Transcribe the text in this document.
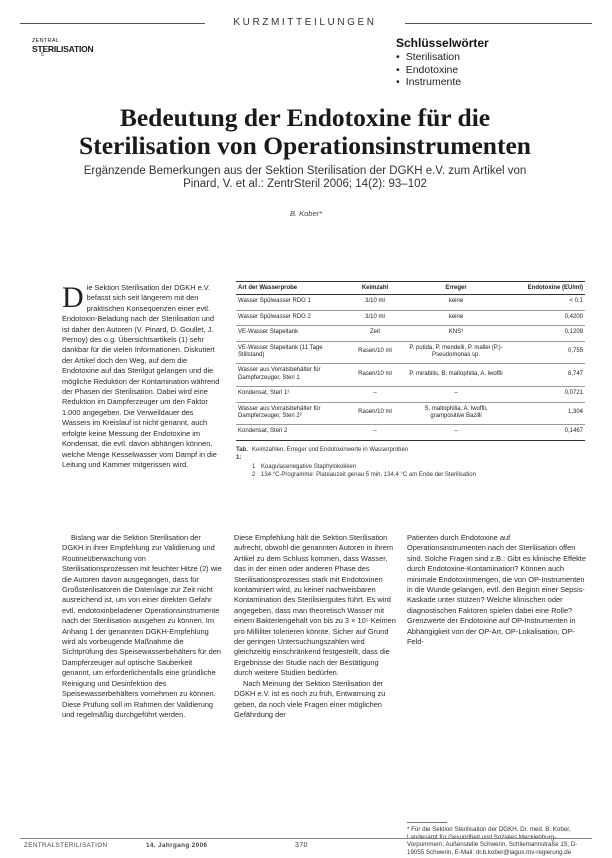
KURZMITTEILUNGEN
ZENTRAL
STERILISATION
5
Schlüsselwörter
• Sterilisation
• Endotoxine
• Instrumente
Bedeutung der Endotoxine für die
Sterilisation von Operationsinstrumenten
Ergänzende Bemerkungen aus der Sektion Sterilisation der DGKH e.V. zum Artikel von Pinard, V. et al.: ZentrSteril 2006; 14(2): 93–102
B. Kober*
D ie Sektion Sterilisation der DGKH e.V. befasst sich seit längerem mit den praktischen Konsequenzen einer evtl. Endotoxin-Beladung nach der Sterilisation und ist daher den Autoren (V. Pinard, D. Goullet, J. Pernoy) des o.g. Übersichtsartikels (1) sehr dankbar für die vielen Informationen. Diskutiert der Artikel doch den Weg, auf dem die Endotoxine auf das Sterilgut gelangen und die mögliche Reduktion der Kontamination während der Phasen der Sterilisation. Dabei wird eine Reduktion im Dampferzeuger um den Faktor 1.000 angegeben. Die Verweildauer des Wassers im Kreislauf ist nicht genannt, auch erfolgte keine Messung der Endotoxine im Kondensat, die evtl. davon abhängen können, welche Menge Kesselwasser vom Dampf in die Leitung und Kammer mitgerissen wird.
Art der Wasserprobe	Keimzahl	Erreger	Endotoxine (EU/ml)
Wasser Spülwasser RDG 1	3/10 ml	keine	< 0,1
Wasser Spülwasser RDG 2	3/10 ml	keine	0,4200
VE-Wasser Stapeltank	Zeit	KNS¹	0,1209
VE-Wasser Stapeltank (11 Tage Stillstand)	Rasen/10 ml	P. putida, P. mendelii, P. mallei (P.)-Pseudomonas sp.	0,755
Wasser aus Vorratsbehälter für Dampferzeuger, Steri 1	Rasen/10 ml	P. mirabilis, B. maltophilia, A. lwoffii	8,747
Kondensat, Steri 1²	–	–	0,0721
Wasser aus Vorratsbehälter für Dampferzeuger, Steri 2²	Rasen/10 ml	S. maltophilia, A. lwoffii, grampositive Bazilli	1,304
Kondensat, Steri 2	–	–	0,1467
Tab. 1:
Keimzahlen, Erreger und Endotoxinwerte in Wasserproben
1 Koagulasenegative Staphylokokken
2 134 °C-Programme: Plateauzeit genau 5 min, 134,4 °C am Ende der Sterilisation

Bislang war die Sektion Sterilisation der DGKH in ihrer Empfehlung zur Validierung und Routineüberwachung von Sterilisationsprozessen mit feuchter Hitze (2) wie die Autoren davon ausgegangen, dass für Großsterilisatoren die Datenlage zur Zeit nicht ausreichend ist, um von einer direkten Gefahr evtl. endotoxinbeladener Operationsinstrumente nach der Sterilisation ausgehen zu können. Im Anhang 1 der genannten DGKH-Empfehlung wird als vorbeugende Maßnahme die Sichtprüfung des Speisewasserbehälters für den Dampferzeuger auf optische Sauberkeit genannt, um erforderlichenfalls eine gründliche Reinigung und Desinfektion des Speisewasserbehälters vornehmen zu können. Diese Prüfung soll im Rahmen der Validierung und regelmäßig durchgeführt werden.

Diese Empfehlung hält die Sektion Sterilisation aufrecht, obwohl die genannten Autoren in ihrem Artikel zu dem Schluss kommen, dass Wasser, das in der einen oder anderen Phase des Sterilisationsprozesses stark mit Endotoxinen kontaminiert wird, zu keiner nachweisbaren Kontamination des Sterilisiergutes führt. Es wird angegeben, dass man theoretisch Wasser mit einem Bakteriengehalt von bis zu 3 × 10⁵ Keimen pro Milliliter tolerieren könnte. Sicher auf Grund der geringen Untersuchungszahlen wird gleichzeitig einschränkend festgestellt, dass die Ergebnisse der Studie nach der Bestätigung durch weitere Studien bedürfen.

Nach Meinung der Sektion Sterilisation der DGKH e.V. ist es noch zu früh, Entwarnung zu geben, da noch viele Fragen einer möglichen Gefährdung der

Patienten durch Endotoxine auf Operationsinstrumenten nach der Sterilisation offen sind. Solche Fragen sind z.B.: Gibt es klinische Effekte durch Endotoxine-Kontamination? Können auch minimale Endotoxinmengen, die von OP-Instrumenten in die Wunde gelangen, evtl. den Beginn einer Sepsis-Kaskade unter stützen? Welche klinischen oder diagnostischen Faktoren spielen dabei eine Rolle? Grenzwerte der Endotoxine auf OP-Instrumenten in Abhängigkeit von der OP-Art, OP-Lokalisation, OP-Feld-

* Für die Sektion Sterilisation der DGKH. Dr. med. B. Kober, Vorpommern, Außenstelle Schwerin, Schliemannstraße 15, D-19055 Schwerin, E-Mail: dr.b.kober@lagus.mv-regierung.de
ZENTRALSTERILISATION	14. Jahrgang 2006	370
